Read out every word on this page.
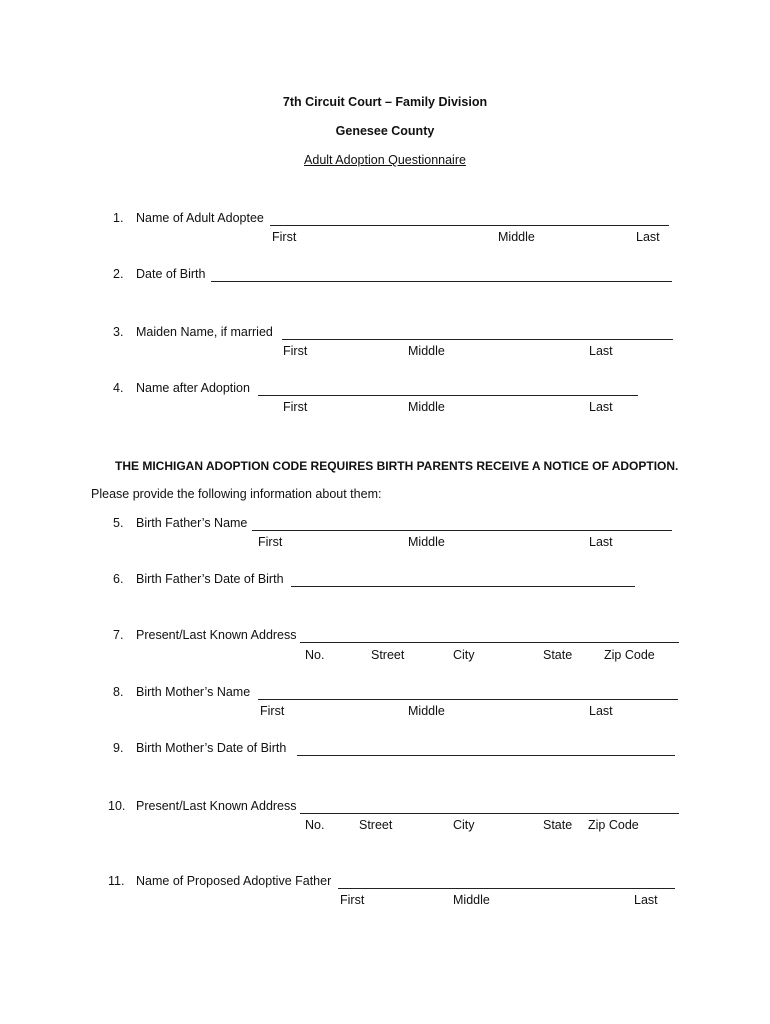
7th Circuit Court – Family Division
Genesee County
Adult Adoption Questionnaire
1. Name of Adult Adoptee
First	Middle	Last
2. Date of Birth
3. Maiden Name, if married
First	Middle	Last
4. Name after Adoption
First	Middle	Last
THE MICHIGAN ADOPTION CODE REQUIRES BIRTH PARENTS RECEIVE A NOTICE OF ADOPTION.
Please provide the following information about them:
5. Birth Father’s Name
First	Middle	Last
6. Birth Father’s Date of Birth
7. Present/Last Known Address
No.	Street	City	State	Zip Code
8. Birth Mother’s Name
First	Middle	Last
9. Birth Mother’s Date of Birth
10. Present/Last Known Address
No.	Street	City	State Zip Code
11. Name of Proposed Adoptive Father
First	Middle	Last
